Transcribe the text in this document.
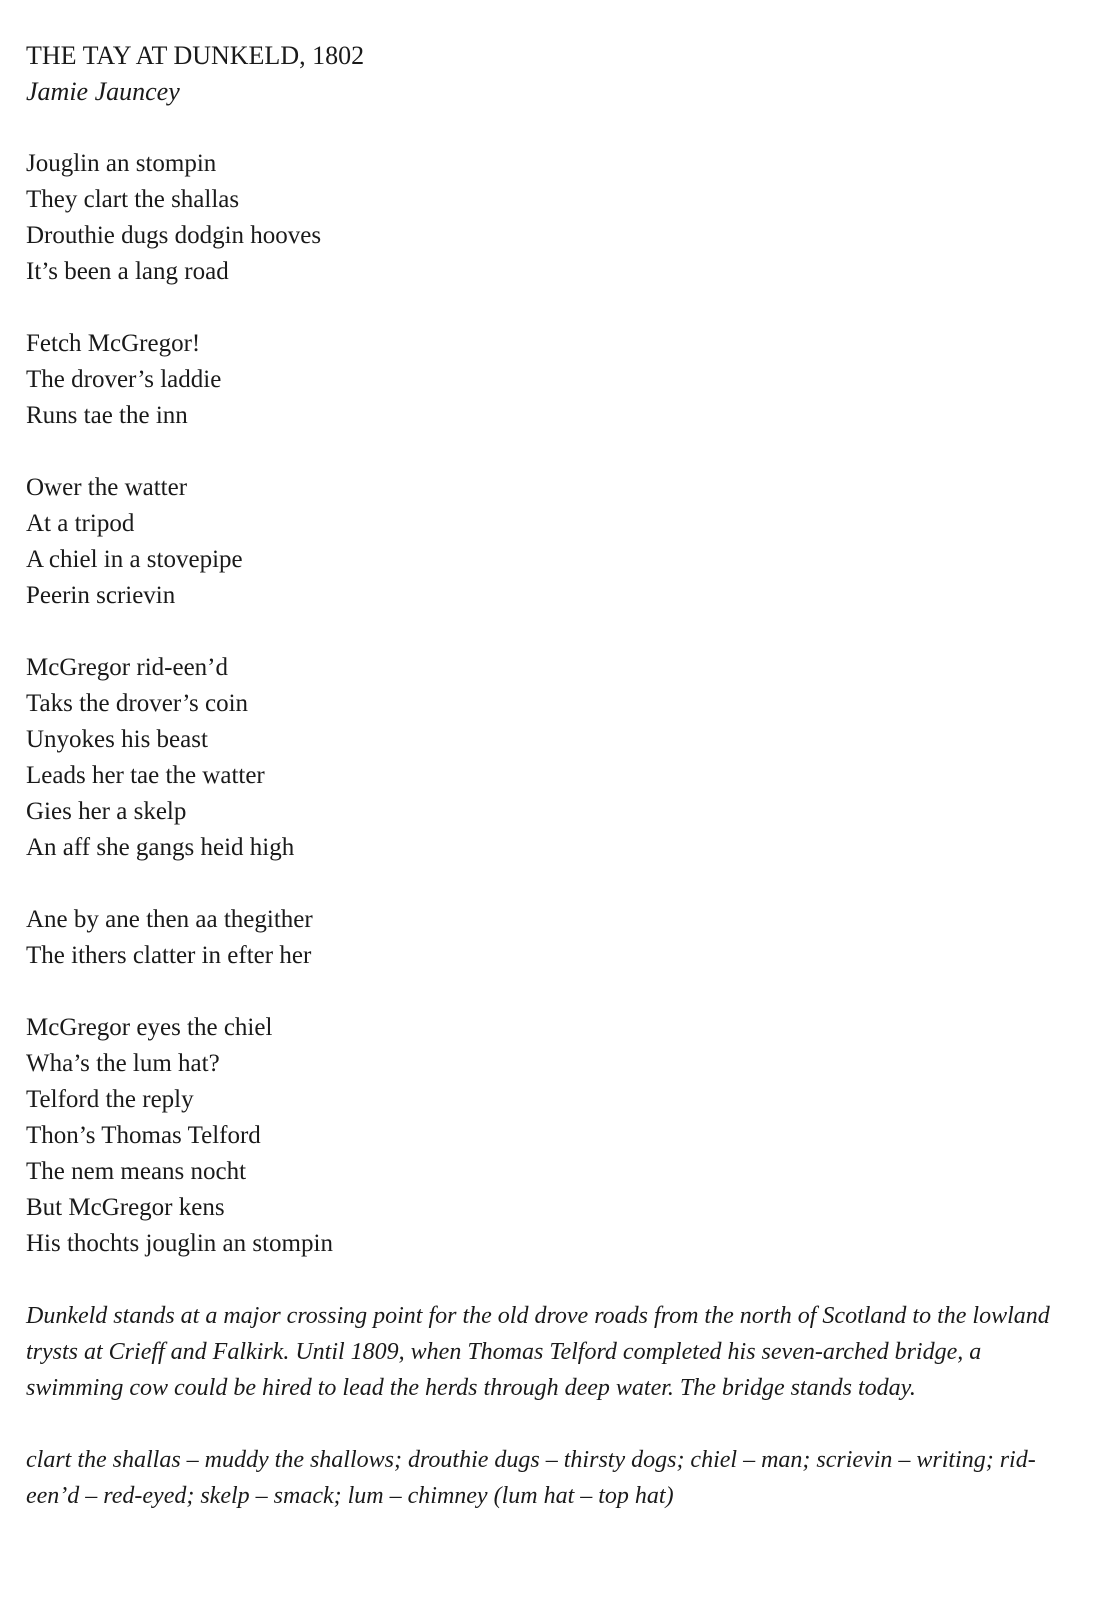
THE TAY AT DUNKELD, 1802

Jamie Jauncey

Jouglin an stompin
They clart the shallas
Drouthie dugs dodgin hooves
It’s been a lang road
Fetch McGregor!
The drover’s laddie
Runs tae the inn
Ower the watter
At a tripod
A chiel in a stovepipe
Peerin scrievin
McGregor rid-een’d
Taks the drover’s coin
Unyokes his beast
Leads her tae the watter
Gies her a skelp
An aff she gangs heid high
Ane by ane then aa thegither
The ithers clatter in efter her
McGregor eyes the chiel
Wha’s the lum hat?
Telford the reply
Thon’s Thomas Telford
The nem means nocht
But McGregor kens
His thochts jouglin an stompin

Dunkeld stands at a major crossing point for the old drove roads from the north of Scotland to the lowland trysts at Crieff and Falkirk. Until 1809, when Thomas Telford completed his seven-arched bridge, a swimming cow could be hired to lead the herds through deep water. The bridge stands today.

clart the shallas – muddy the shallows; drouthie dugs – thirsty dogs; chiel – man; scrievin – writing; rid-een’d – red-eyed; skelp – smack; lum – chimney (lum hat – top hat)
